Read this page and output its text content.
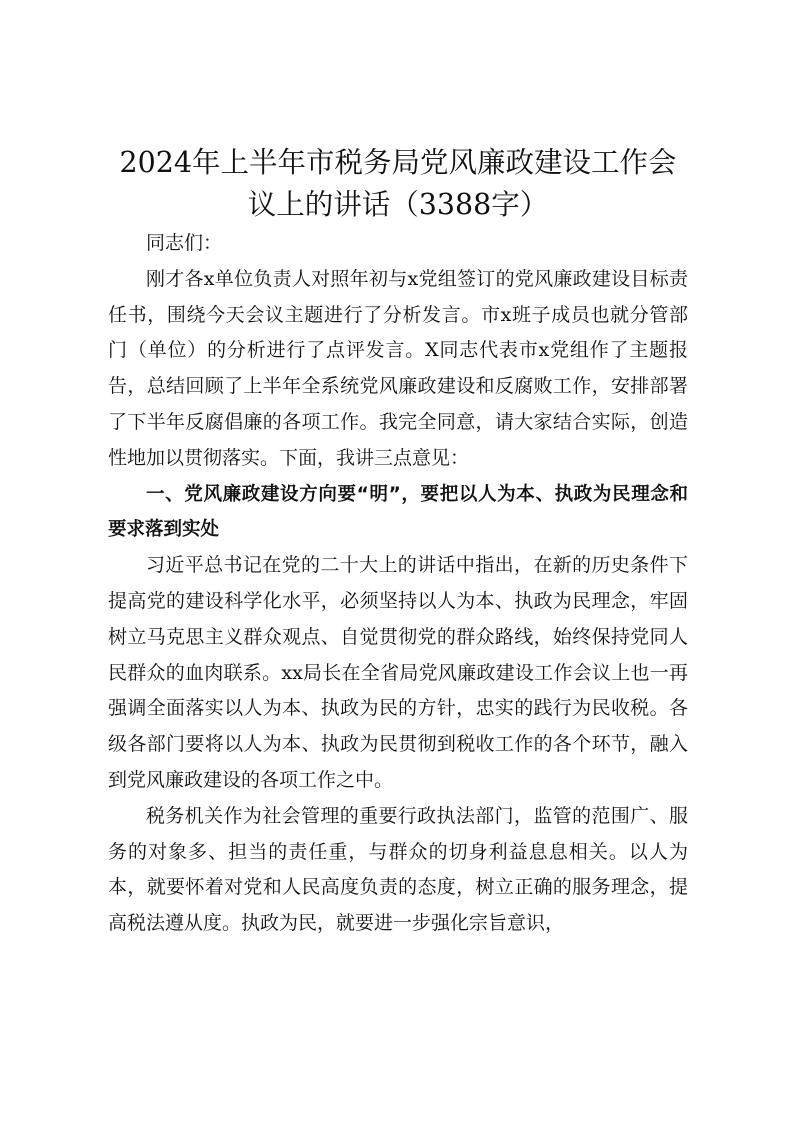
2024年上半年市税务局党风廉政建设工作会
议上的讲话（3388字）

同志们：

刚才各x单位负责人对照年初与x党组签订的党风廉政建设目标责任书，围绕今天会议主题进行了分析发言。市x班子成员也就分管部门（单位）的分析进行了点评发言。X同志代表市x党组作了主题报告，总结回顾了上半年全系统党风廉政建设和反腐败工作，安排部署了下半年反腐倡廉的各项工作。我完全同意，请大家结合实际，创造性地加以贯彻落实。下面，我讲三点意见：

一、党风廉政建设方向要“明”，要把以人为本、执政为民理念和要求落到实处

习近平总书记在党的二十大上的讲话中指出，在新的历史条件下提高党的建设科学化水平，必须坚持以人为本、执政为民理念，牢固树立马克思主义群众观点、自觉贯彻党的群众路线，始终保持党同人民群众的血肉联系。xx局长在全省局党风廉政建设工作会议上也一再强调全面落实以人为本、执政为民的方针，忠实的践行为民收税。各级各部门要将以人为本、执政为民贯彻到税收工作的各个环节，融入到党风廉政建设的各项工作之中。

税务机关作为社会管理的重要行政执法部门，监管的范围广、服务的对象多、担当的责任重，与群众的切身利益息息相关。以人为本，就要怀着对党和人民高度负责的态度，树立正确的服务理念，提高税法遵从度。执政为民，就要进一步强化宗旨意识，
